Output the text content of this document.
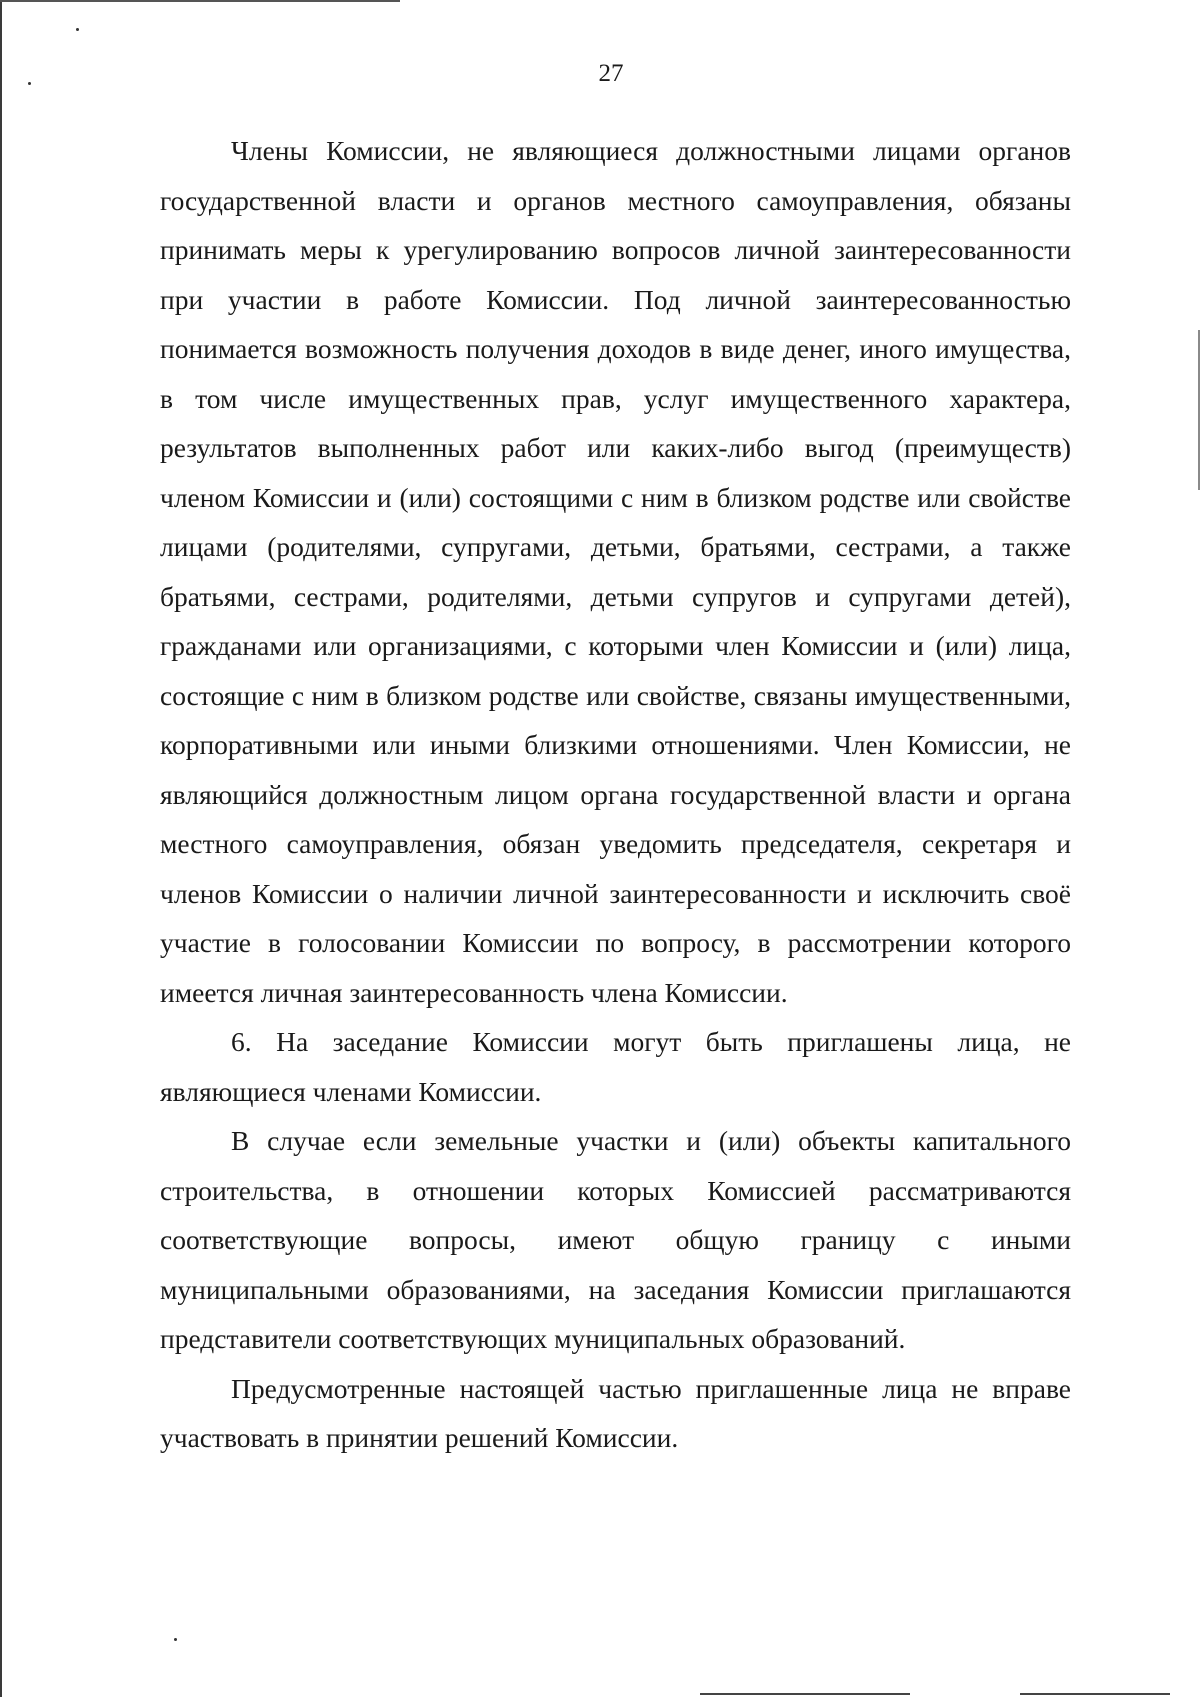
27

Члены Комиссии, не являющиеся должностными лицами органов государственной власти и органов местного самоуправления, обязаны принимать меры к урегулированию вопросов личной заинтересованности при участии в работе Комиссии. Под личной заинтересованностью понимается возможность получения доходов в виде денег, иного имущества, в том числе имущественных прав, услуг имущественного характера, результатов выполненных работ или каких-либо выгод (преимуществ) членом Комиссии и (или) состоящими с ним в близком родстве или свойстве лицами (родителями, супругами, детьми, братьями, сестрами, а также братьями, сестрами, родителями, детьми супругов и супругами детей), гражданами или организациями, с которыми член Комиссии и (или) лица, состоящие с ним в близком родстве или свойстве, связаны имущественными, корпоративными или иными близкими отношениями. Член Комиссии, не являющийся должностным лицом органа государственной власти и органа местного самоуправления, обязан уведомить председателя, секретаря и членов Комиссии о наличии личной заинтересованности и исключить своё участие в голосовании Комиссии по вопросу, в рассмотрении которого имеется личная заинтересованность члена Комиссии.

6. На заседание Комиссии могут быть приглашены лица, не являющиеся членами Комиссии.

В случае если земельные участки и (или) объекты капитального строительства, в отношении которых Комиссией рассматриваются соответствующие вопросы, имеют общую границу с иными муниципальными образованиями, на заседания Комиссии приглашаются представители соответствующих муниципальных образований.

Предусмотренные настоящей частью приглашенные лица не вправе участвовать в принятии решений Комиссии.
